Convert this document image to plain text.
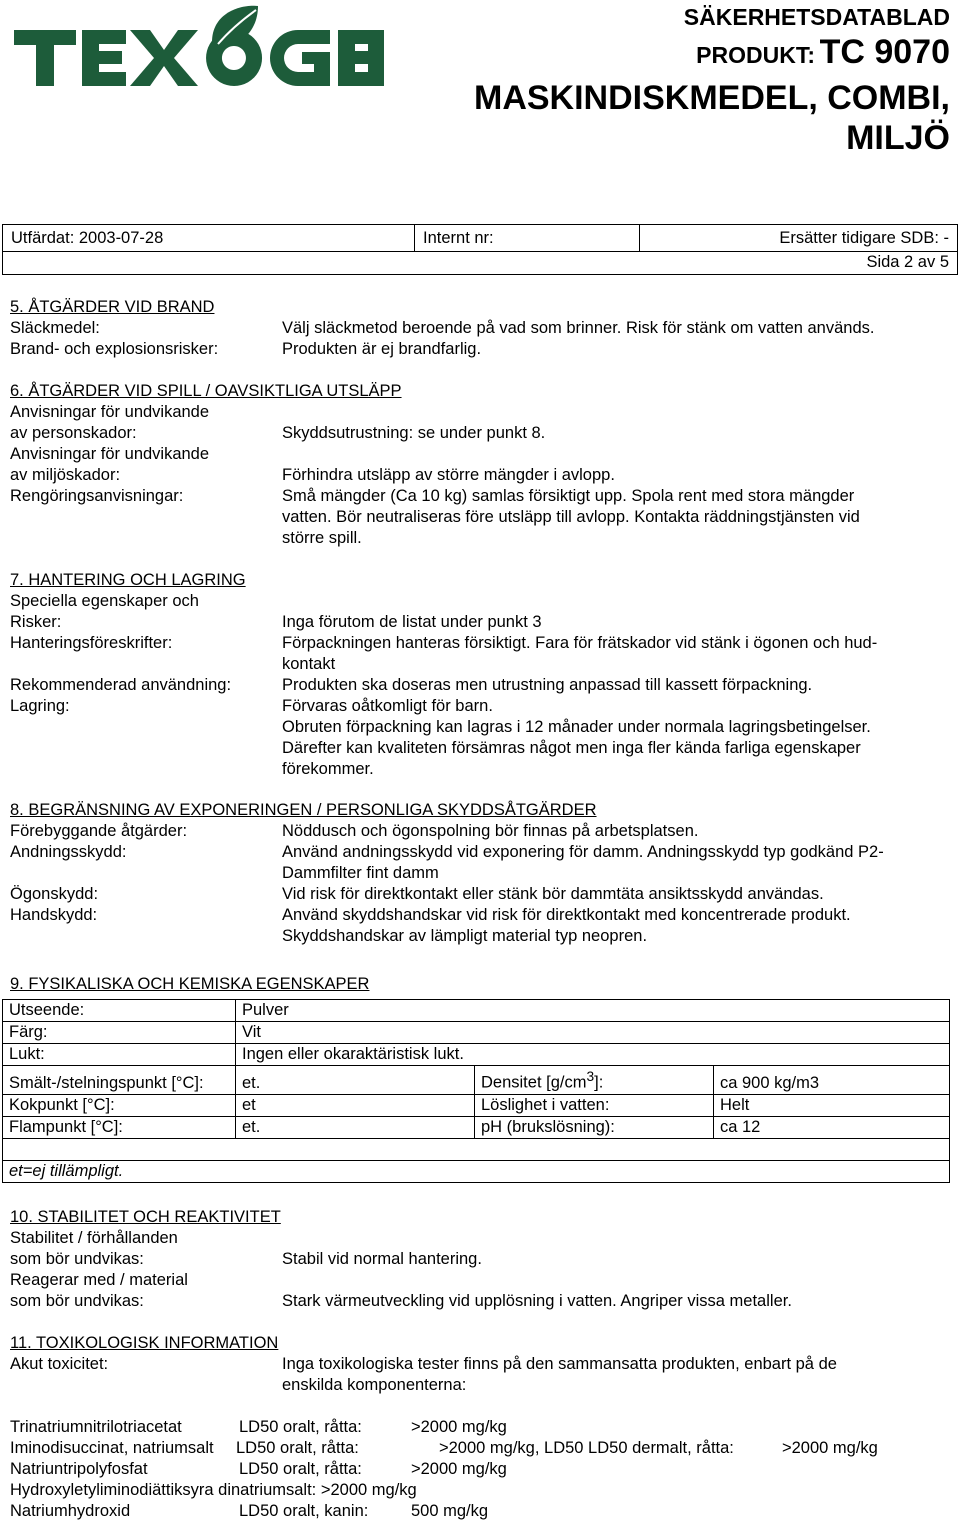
SÄKERHETSDATABLAD
PRODUKT: TC 9070
MASKINDISKMEDEL, COMBI,
MILJÖ
Utfärdat: 2003-07-28	Internt nr:	Ersätter tidigare SDB: -
Sida 2 av 5
5. ÅTGÄRDER VID BRAND
Släckmedel:	Välj släckmetod beroende på vad som brinner. Risk för stänk om vatten används.
Brand- och explosionsrisker:	Produkten är ej brandfarlig.
6. ÅTGÄRDER VID SPILL / OAVSIKTLIGA UTSLÄPP
Anvisningar för undvikande
av personskador:	Skyddsutrustning: se under punkt 8.
Anvisningar för undvikande
av miljöskador:	Förhindra utsläpp av större mängder i avlopp.
Rengöringsanvisningar:	Små mängder (Ca 10 kg) samlas försiktigt upp. Spola rent med stora mängder
vatten. Bör neutraliseras före utsläpp till avlopp. Kontakta räddningstjänsten vid
större spill.
7. HANTERING OCH LAGRING
Speciella egenskaper och
Risker:	Inga förutom de listat under punkt 3
Hanteringsföreskrifter:	Förpackningen hanteras försiktigt. Fara för frätskador vid stänk i ögonen och hud-
kontakt
Rekommenderad användning:	Produkten ska doseras men utrustning anpassad till kassett förpackning.
Lagring:	Förvaras oåtkomligt för barn.
Obruten förpackning kan lagras i 12 månader under normala lagringsbetingelser.
Därefter kan kvaliteten försämras något men inga fler kända farliga egenskaper
förekommer.
8. BEGRÄNSNING AV EXPONERINGEN / PERSONLIGA SKYDDSÅTGÄRDER
Förebyggande åtgärder:	Nöddusch och ögonspolning bör finnas på arbetsplatsen.
Andningsskydd:	Använd andningsskydd vid exponering för damm. Andningsskydd typ godkänd P2-
Dammfilter fint damm
Ögonskydd:	Vid risk för direktkontakt eller stänk bör dammtäta ansiktsskydd användas.
Handskydd:	Använd skyddshandskar vid risk för direktkontakt med koncentrerade produkt.
Skyddshandskar av lämpligt material typ neopren.
9. FYSIKALISKA OCH KEMISKA EGENSKAPER
Utseende:	Pulver		
Färg:	Vit		
Lukt:	Ingen eller okaraktäristisk lukt.		
Smält-/stelningspunkt [°C]:	et.	Densitet $[g/cm^3]$:	ca 900 kg/m3
Kokpunkt [°C]:	et	Löslighet i vatten:	Helt
Flampunkt [°C]:	et.	pH (brukslösning):	ca 12

et=ej tillämpligt.			
10. STABILITET OCH REAKTIVITET
Stabilitet / förhållanden
som bör undvikas:	Stabil vid normal hantering.
Reagerar med / material
som bör undvikas:	Stark värmeutveckling vid upplösning i vatten. Angriper vissa metaller.
11. TOXIKOLOGISK INFORMATION
Akut toxicitet:	Inga toxikologiska tester finns på den sammansatta produkten, enbart på de
enskilda komponenterna:
Trinatriumnitrilotriacetat	LD50 oralt, råtta:	>2000 mg/kg
Iminodisuccinat, natriumsalt LD50 oralt, råtta:	>2000 mg/kg, LD50 LD50 dermalt, råtta:	>2000 mg/kg
Natriuntripolyfosfat	LD50 oralt, råtta:	>2000 mg/kg
Hydroxyletyliminodiättiksyra dinatriumsalt: >2000 mg/kg
Natriumhydroxid	LD50 oralt, kanin:	500 mg/kg
